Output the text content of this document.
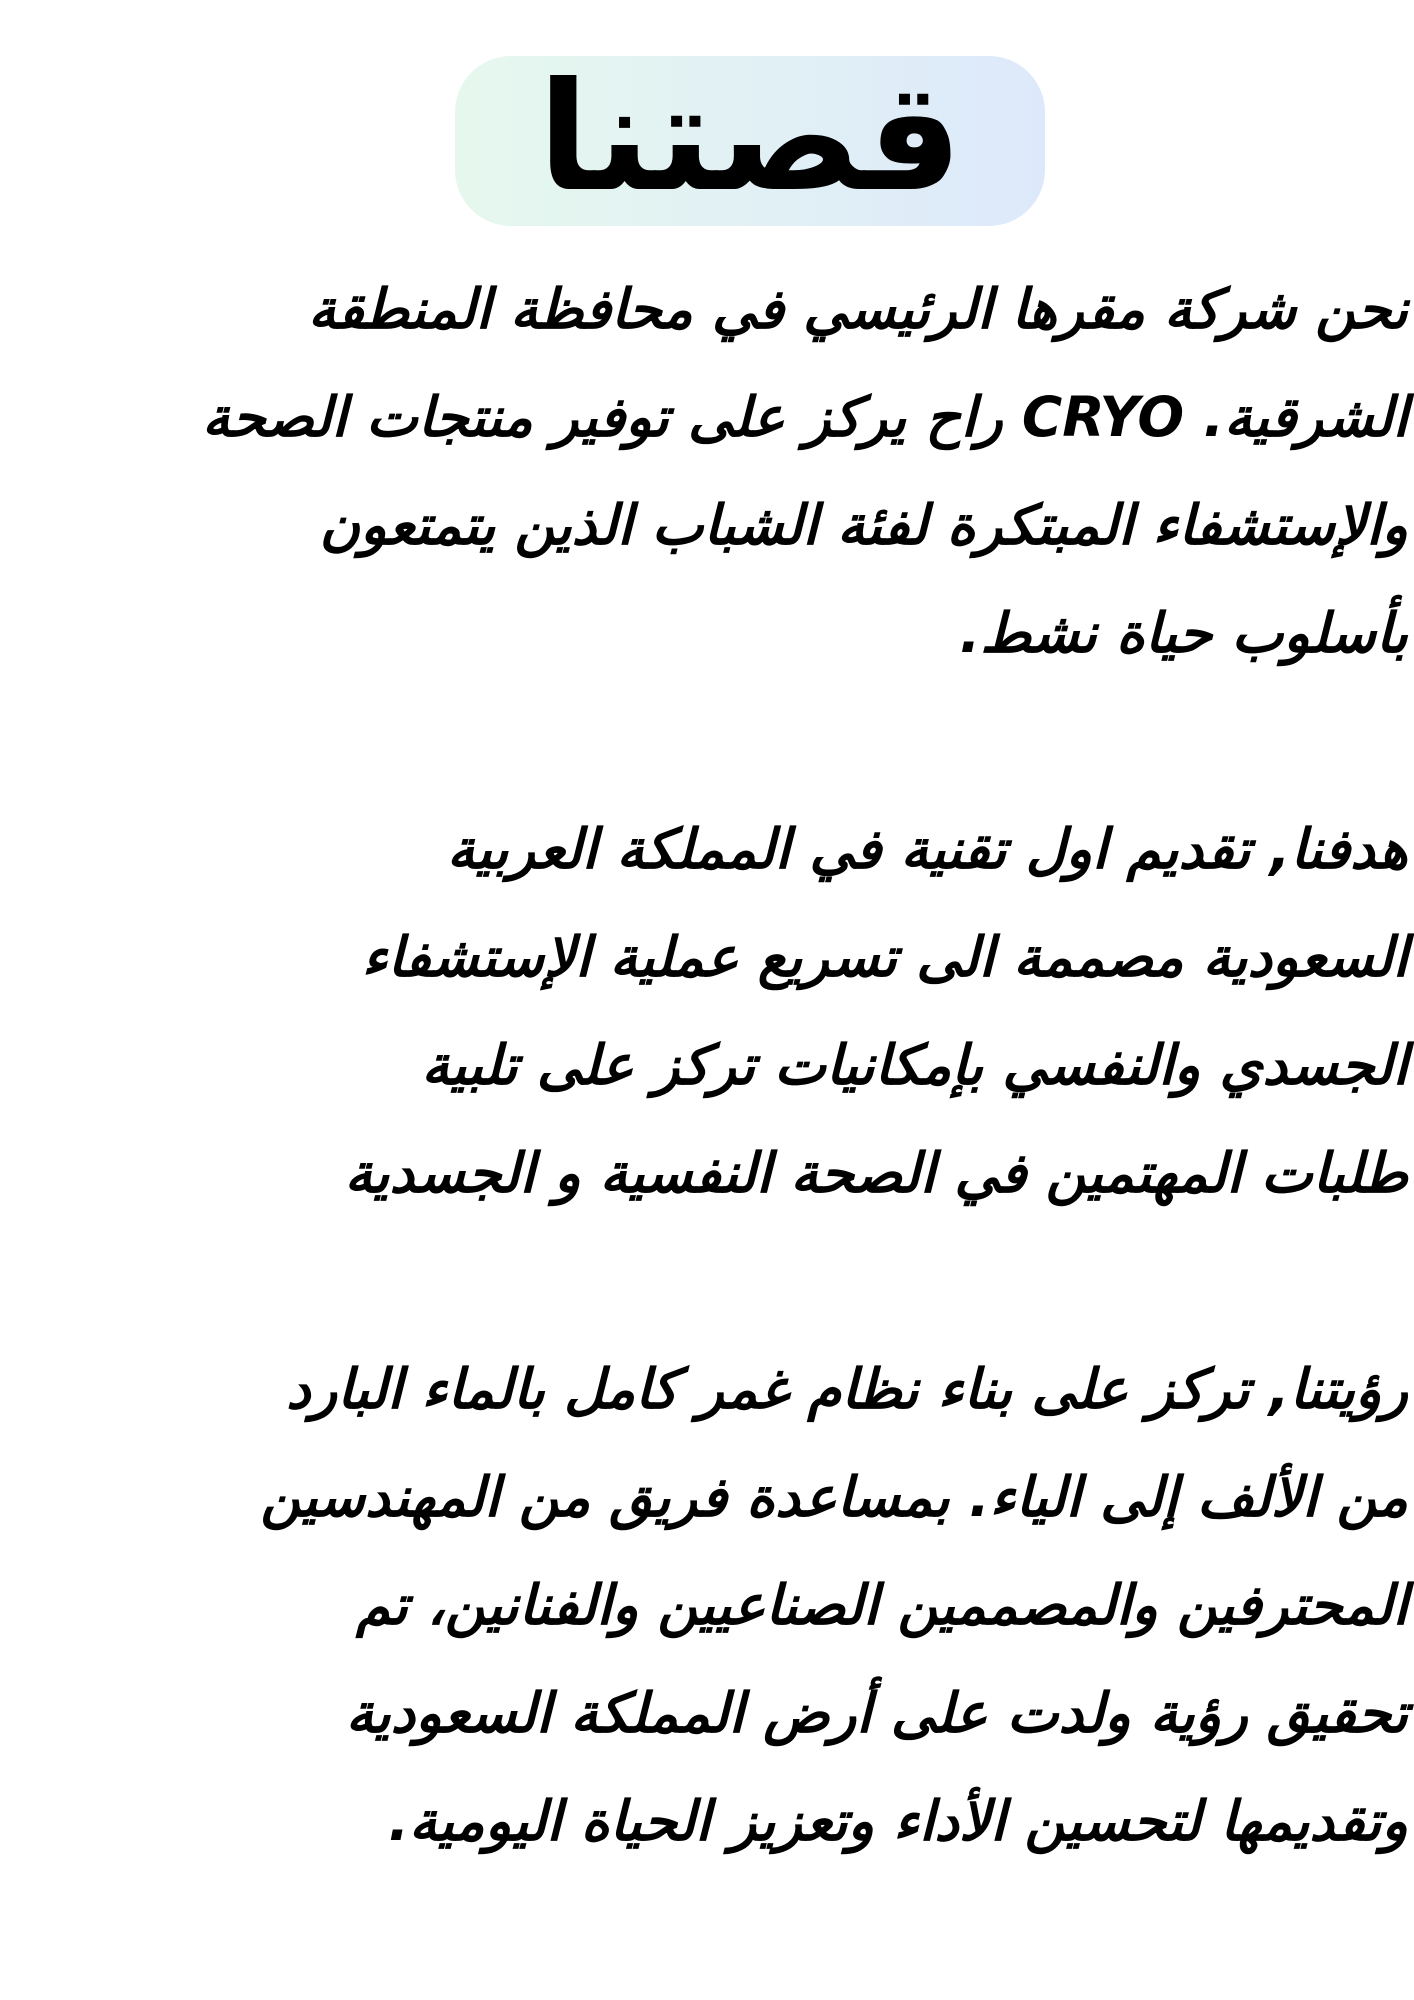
قصتنا

نحن شركة مقرها الرئيسي في محافظة المنطقة
الشرقية. CRYO راح يركز على توفير منتجات الصحة
والإستشفاء المبتكرة لفئة الشباب الذين يتمتعون
بأسلوب حياة نشط.

هدفنا, تقديم اول تقنية في المملكة العربية
السعودية مصممة الى تسريع عملية الإستشفاء
الجسدي والنفسي بإمكانيات تركز على تلبية
طلبات المهتمين في الصحة النفسية و الجسدية

رؤيتنا, تركز على بناء نظام غمر كامل بالماء البارد
من الألف إلى الياء. بمساعدة فريق من المهندسين
المحترفين والمصممين الصناعيين والفنانين، تم
تحقيق رؤية ولدت على أرض المملكة السعودية
وتقديمها لتحسين الأداء وتعزيز الحياة اليومية.
